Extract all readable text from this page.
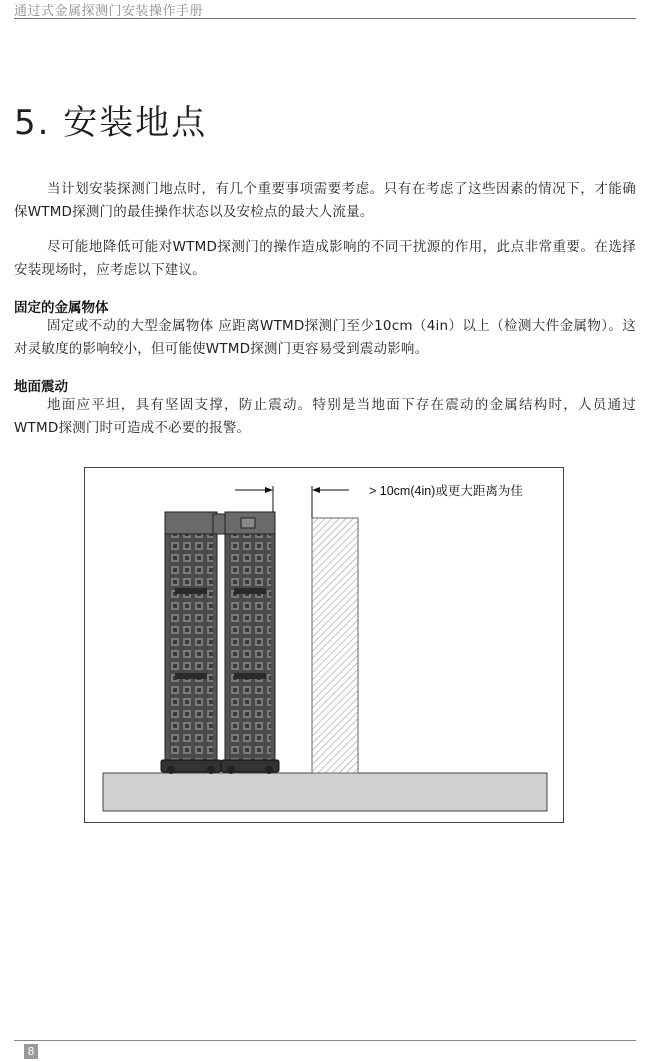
通过式金属探测门安装操作手册
5. 安装地点
当计划安装探测门地点时，有几个重要事项需要考虑。只有在考虑了这些因素的情况下，才能确保WTMD探测门的最佳操作状态以及安检点的最大人流量。
尽可能地降低可能对WTMD探测门的操作造成影响的不同干扰源的作用，此点非常重要。在选择安装现场时，应考虑以下建议。
固定的金属物体
固定或不动的大型金属物体 应距离WTMD探测门至少10cm（4in）以上（检测大件金属物）。这对灵敏度的影响较小，但可能使WTMD探测门更容易受到震动影响。
地面震动
地面应平坦，具有坚固支撑，防止震动。特别是当地面下存在震动的金属结构时，人员通过WTMD探测门时可造成不必要的报警。
> 10cm(4in)或更大距离为佳
8
